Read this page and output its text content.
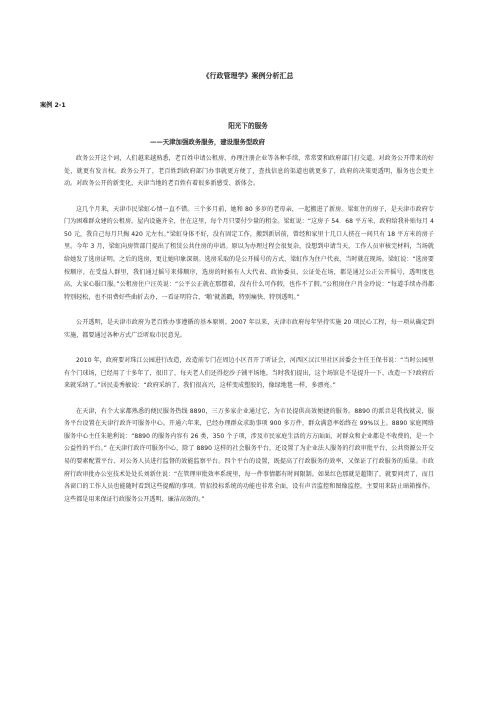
《行政管理学》案例分析汇总
案例 2-1
阳光下的服务
——天津加强政务服务，建设服务型政府

政务公开这个词，人们越来越熟悉，老百姓申请公租房、办理注册企业等各种手续，常常要和政府部门打交道。对政务公开带来的好处，就更有发言权。政务公开了，老百姓到政府部门办事就更方便了，查找信息的渠道也就更多了，政府的决策更透明，服务也会更主动。对政务公开的新变化，天津当地的老百姓有着很多新感受、新体会。

这几个月来，天津市民梁虹心情一直不错。三个多月前，她和 80 多岁的老母亲，一起搬进了新房。梁虹住的房子，是天津市政府专门为困难群众建的公租房。屋内设施齐全，住在这里，每个月只要付少量的租金。梁虹说：“这房子 54．68 平方米，政府给我补贴每月 450 元，我自己每月只掏 420 元左右。”梁虹身体不好，没有固定工作，搬到新居前，曾经和家里十几口人挤在一间只有 18 平方米的房子里。今年 3 月，梁虹向房管部门提出了租赁公共住房的申请。原以为办理过程会很复杂，没想到申请当天，工作人员审核完材料，当场就给她发了选房证明。之后的选房，更让她印象深刻。选房采取的是公开摇号的方式，梁虹作为住户代表，当时就在现场。梁虹说：“选房要按顺序，在受益人群里，我们通过摇号来排顺序，选房的时候有人大代表、政协委员、公证处在场，都是通过公正公开摇号，透明度也高，大家心服口服。”公租房住户汪英说：“公平公正就在那摆着，没有什么可作假，也作不了假。”公租房住户肖金玲说：“每道手续办得都特别轻松，也不用费好些曲折去办，一看证明符合，‘啪’就盖戳，特别痛快、特别透明。”

公开透明，是天津市政府为老百姓办事遵循的基本原则。2007 年以来，天津市政府每年坚持实施 20 项民心工程，每一项从确定到实施，都要通过各种方式广泛听取市民意见。

2010 年，政府要对珠江公园进行改造，改造前专门在周边小区召开了听证会，河西区汉江里社区居委会主任王保书说：“当时公园里有个门球场，已经用了十多年了，很旧了，每天老人们还得挖沙子铺平场地。当时我们提出，这个场馆是不是提升一下、改造一下?政府后来就采纳了。”居民姜秀敏说：“政府采纳了，我们很高兴，这样变成塑胶的，像绿地毯一样，多漂亮。”

在天津，有个大家都熟悉的便民服务热线 8890，三万多家企业通过它，为市民提供高效便捷的服务。8890 的派音是我找就灵，服务平台设置在天津行政许可服务中心。开通六年来，已经办理群众求助事项 900 多万件，群众满意率始终在 99%以上。8890 家庭网络服务中心主任朱艳利说：“8890 的服务内容有 26 类，350 个子项，涉及市民家庭生活的方方面面，对群众和企业都是不收费的，是一个公益性的平台。” 在天津行政许可服务中心，除了 8890 这样的社会服务平台，还设置了为企业法人服务的行政审批平台、公共资源公开交易的要素配置平台、对公务人员进行监督的效能监察平台。四个平台的设置，既提高了行政服务的效率，又保证了行政服务的质量。市政府行政审批办公室技术处处长刘新住说：“在管理审批效率系统里，每一件事情都有时间限制。如果红色那就是超期了，就要问责了，而且各窗口的工作人员也能随时看到这些提醒的事项。管招投标系统的功能也非常全面，设有声音监控和图像监控，主要用来防止暗箱操作。这些都是用来保证行政服务公开透明、廉洁高效的。”
